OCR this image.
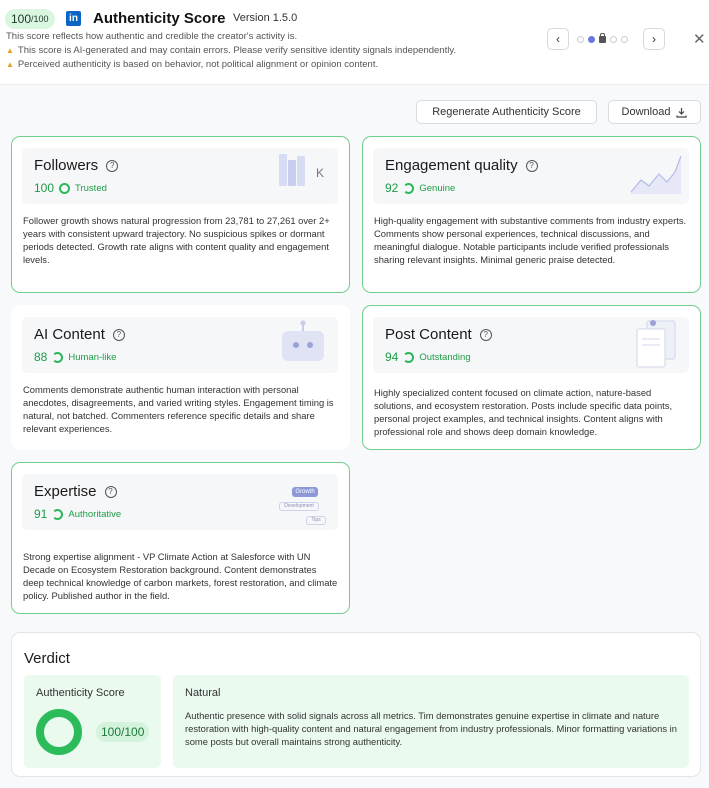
100 /100	in Authenticity Score Version 1.5.0
This score reflects how authentic and credible the creator's activity is.
▲ This score is AI-generated and may contain errors. Please verify sensitive identity signals independently.
▲ Perceived authenticity is based on behavior, not political alignment or opinion content.
‹	›	✕
Regenerate Authenticity Score	Download
Followers	?
100 Trusted
K
Follower growth shows natural progression from 23,781 to 27,261 over 2+ years with consistent upward trajectory. No suspicious spikes or dormant periods detected. Growth rate aligns with content quality and engagement levels.
Engagement quality	?
92 Genuine
High-quality engagement with substantive comments from industry experts. Comments show personal experiences, technical discussions, and meaningful dialogue. Notable participants include verified professionals sharing relevant insights. Minimal generic praise detected.
AI Content	?
88 Human-like
Comments demonstrate authentic human interaction with personal anecdotes, disagreements, and varied writing styles. Engagement timing is natural, not batched. Commenters reference specific details and share relevant experiences.
Post Content	?
94 Outstanding
Highly specialized content focused on climate action, nature-based solutions, and ecosystem restoration. Posts include specific data points, personal project examples, and technical insights. Content aligns with professional role and shows deep domain knowledge.
Expertise	?
91 Authoritative
Growth
Development
Tips
Strong expertise alignment - VP Climate Action at Salesforce with UN Decade on Ecosystem Restoration background. Content demonstrates deep technical knowledge of carbon markets, forest restoration, and climate policy. Published author in the field.
Verdict
Authenticity Score
100/100
Natural
Authentic presence with solid signals across all metrics. Tim demonstrates genuine expertise in climate and nature restoration with high-quality content and natural engagement from industry professionals. Minor formatting variations in some posts but overall maintains strong authenticity.
